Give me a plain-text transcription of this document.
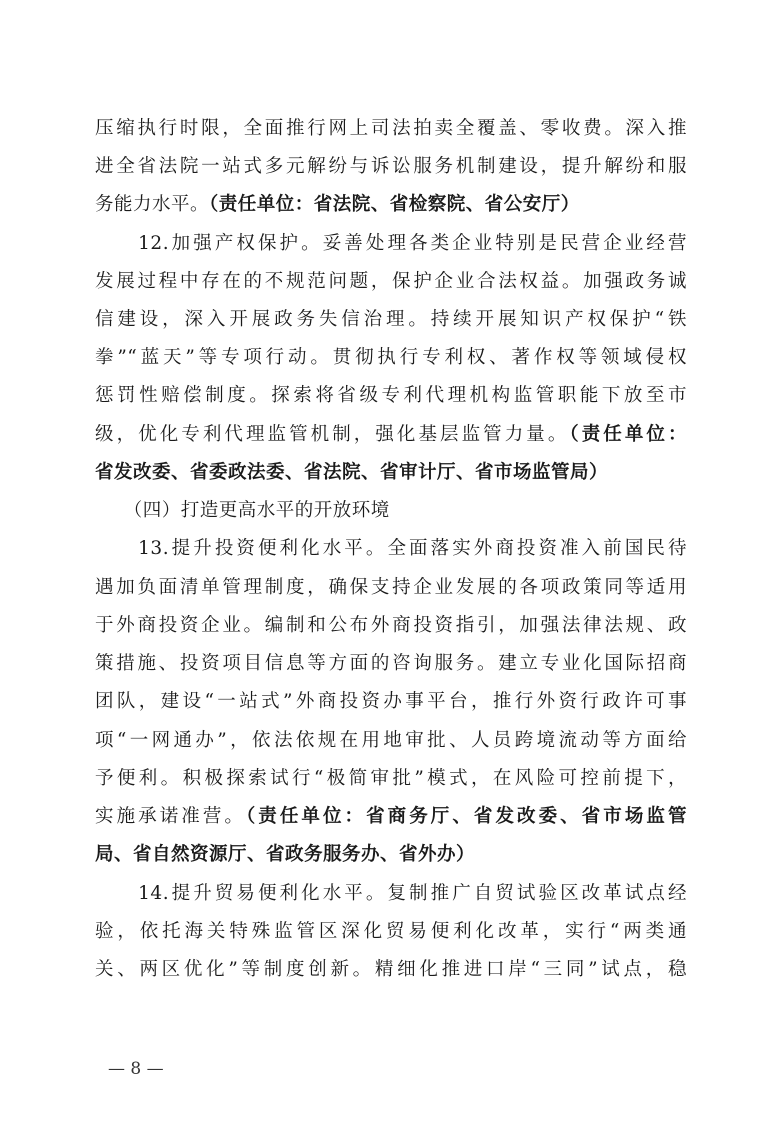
压缩执行时限，全面推行网上司法拍卖全覆盖、零收费。深入推
进全省法院一站式多元解纷与诉讼服务机制建设，提升解纷和服
务能力水平。（责任单位：省法院、省检察院、省公安厅）
　　12.加强产权保护。妥善处理各类企业特别是民营企业经营
发展过程中存在的不规范问题，保护企业合法权益。加强政务诚
信建设，深入开展政务失信治理。持续开展知识产权保护“铁
拳”“蓝天”等专项行动。贯彻执行专利权、著作权等领域侵权
惩罚性赔偿制度。探索将省级专利代理机构监管职能下放至市
级，优化专利代理监管机制，强化基层监管力量。（责任单位：
省发改委、省委政法委、省法院、省审计厅、省市场监管局）
　　（四）打造更高水平的开放环境
　　13.提升投资便利化水平。全面落实外商投资准入前国民待
遇加负面清单管理制度，确保支持企业发展的各项政策同等适用
于外商投资企业。编制和公布外商投资指引，加强法律法规、政
策措施、投资项目信息等方面的咨询服务。建立专业化国际招商
团队，建设“一站式”外商投资办事平台，推行外资行政许可事
项“一网通办”，依法依规在用地审批、人员跨境流动等方面给
予便利。积极探索试行“极简审批”模式，在风险可控前提下，
实施承诺准营。（责任单位：省商务厅、省发改委、省市场监管
局、省自然资源厅、省政务服务办、省外办）
　　14.提升贸易便利化水平。复制推广自贸试验区改革试点经
验，依托海关特殊监管区深化贸易便利化改革，实行“两类通
关、两区优化”等制度创新。精细化推进口岸“三同”试点，稳
— 8 —
